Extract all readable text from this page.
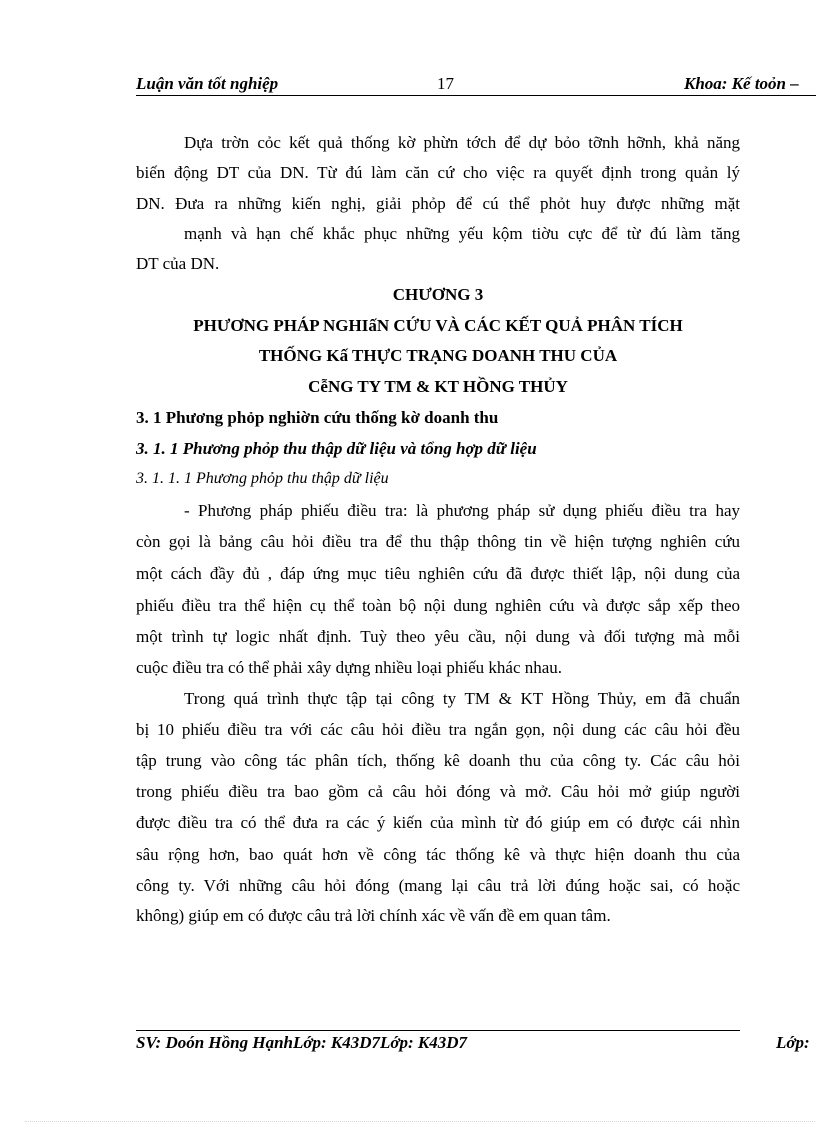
Luận văn tốt nghiệp	17	Khoa: Kế toỏn –
Dựa trờn cỏc kết quả thống kờ phừn tớch để dự bỏo tỡnh hỡnh, khả năng
biến động DT của DN. Từ đú làm căn cứ cho việc ra quyết định trong quản lý
DN. Đưa ra những kiến nghị, giải phỏp để cú thể phỏt huy được những mặt
mạnh và hạn chế khắc phục những yếu kộm tiờu cực để từ đú làm tăng
DT của DN.
CHƯƠNG 3
PHƯƠNG PHÁP NGHIấN CỨU VÀ CÁC KẾT QUẢ PHÂN TÍCH
THỐNG Kấ THỰC TRẠNG DOANH THU CỦA
CễNG TY TM & KT HỒNG THỦY
3. 1 Phương phỏp nghiờn cứu thống kờ doanh thu
3. 1. 1 Phương phỏp thu thập dữ liệu và tổng hợp dữ liệu
3. 1. 1. 1 Phương phỏp thu thập dữ liệu
- Phương pháp phiếu điều tra: là phương pháp sử dụng phiếu điều tra hay
còn gọi là bảng câu hỏi điều tra để thu thập thông tin về hiện tượng nghiên cứu
một cách đầy đủ , đáp ứng mục tiêu nghiên cứu đã được thiết lập, nội dung của
phiếu điều tra thể hiện cụ thể toàn bộ nội dung nghiên cứu và được sắp xếp theo
một trình tự logic nhất định. Tuỳ theo yêu cầu, nội dung và đối tượng mà mỗi
cuộc điều tra có thể phải xây dựng nhiều loại phiếu khác nhau.
Trong quá trình thực tập tại công ty TM & KT Hồng Thủy, em đã chuẩn
bị 10 phiếu điều tra với các câu hỏi điều tra ngắn gọn, nội dung các câu hỏi đều
tập trung vào công tác phân tích, thống kê doanh thu của công ty. Các câu hỏi
trong phiếu điều tra bao gồm cả câu hỏi đóng và mở. Câu hỏi mở giúp người
được điều tra có thể đưa ra các ý kiến của mình từ đó giúp em có được cái nhìn
sâu rộng hơn, bao quát hơn về công tác thống kê và thực hiện doanh thu của
công ty. Với những câu hỏi đóng (mang lại câu trả lời đúng hoặc sai, có hoặc
không) giúp em có được câu trả lời chính xác về vấn đề em quan tâm.
SV: Doón Hồng HạnhLớp: K43D7Lớp: K43D7	Lớp:
